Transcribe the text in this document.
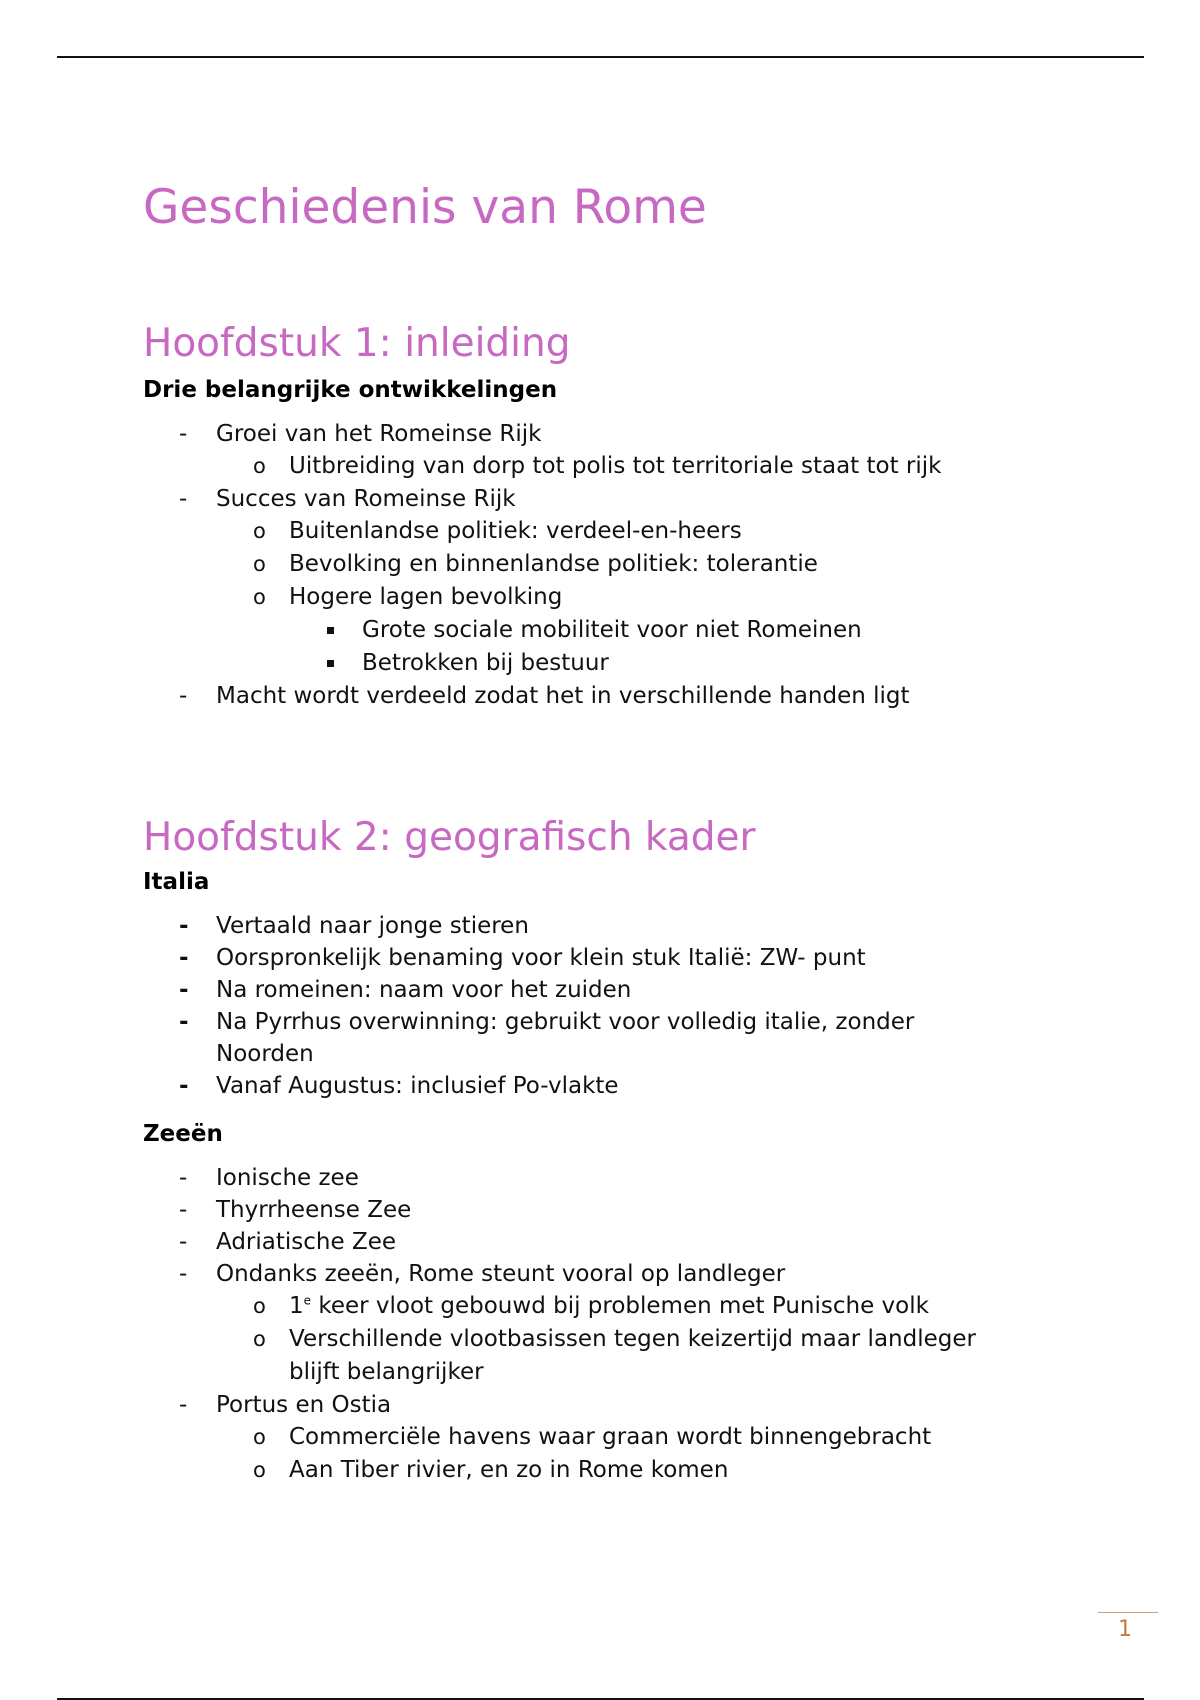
Geschiedenis van Rome
Hoofdstuk 1: inleiding
Drie belangrijke ontwikkelingen
- Groei van het Romeinse Rijk
o Uitbreiding van dorp tot polis tot territoriale staat tot rijk
- Succes van Romeinse Rijk
o Buitenlandse politiek: verdeel-en-heers
o Bevolking en binnenlandse politiek: tolerantie
o Hogere lagen bevolking
Grote sociale mobiliteit voor niet Romeinen
Betrokken bij bestuur
- Macht wordt verdeeld zodat het in verschillende handen ligt
Hoofdstuk 2: geografisch kader
Italia
- Vertaald naar jonge stieren
- Oorspronkelijk benaming voor klein stuk Italië: ZW- punt
- Na romeinen: naam voor het zuiden
- Na Pyrrhus overwinning: gebruikt voor volledig italie, zonder Noorden
- Vanaf Augustus: inclusief Po-vlakte
Zeeën
- Ionische zee
- Thyrrheense Zee
- Adriatische Zee
- Ondanks zeeën, Rome steunt vooral op landleger
o 1e keer vloot gebouwd bij problemen met Punische volk
o Verschillende vlootbasissen tegen keizertijd maar landleger blijft belangrijker
- Portus en Ostia
o Commerciële havens waar graan wordt binnengebracht
o Aan Tiber rivier, en zo in Rome komen
1
